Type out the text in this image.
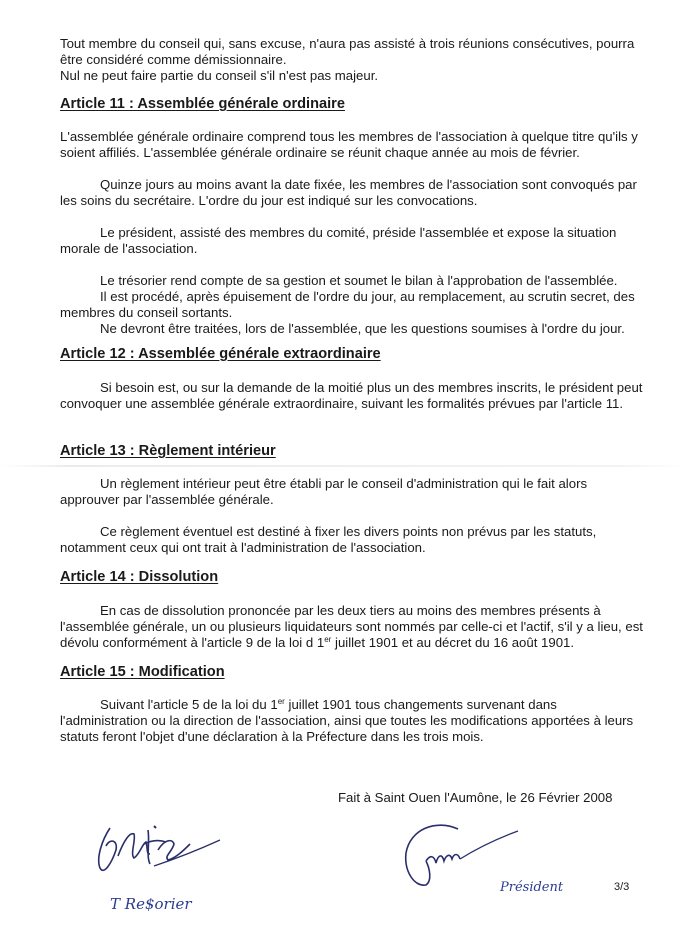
Tout membre du conseil qui, sans excuse, n'aura pas assisté à trois réunions consécutives, pourra être considéré comme démissionnaire.

Nul ne peut faire partie du conseil s'il n'est pas majeur.

Article 11 : Assemblée générale ordinaire

L'assemblée générale ordinaire comprend tous les membres de l'association à quelque titre qu'ils y soient affiliés. L'assemblée générale ordinaire se réunit chaque année au mois de février.

Quinze jours au moins avant la date fixée, les membres de l'association sont convoqués par les soins du secrétaire. L'ordre du jour est indiqué sur les convocations.

Le président, assisté des membres du comité, préside l'assemblée et expose la situation morale de l'association.

Le trésorier rend compte de sa gestion et soumet le bilan à l'approbation de l'assemblée.

Il est procédé, après épuisement de l'ordre du jour, au remplacement, au scrutin secret, des membres du conseil sortants.

Ne devront être traitées, lors de l'assemblée, que les questions soumises à l'ordre du jour.

Article 12 : Assemblée générale extraordinaire

Si besoin est, ou sur la demande de la moitié plus un des membres inscrits, le président peut convoquer une assemblée générale extraordinaire, suivant les formalités prévues par l'article 11.

Article 13 : Règlement intérieur

Un règlement intérieur peut être établi par le conseil d'administration qui le fait alors approuver par l'assemblée générale.

Ce règlement éventuel est destiné à fixer les divers points non prévus par les statuts, notamment ceux qui ont trait à l'administration de l'association.

Article 14 : Dissolution

En cas de dissolution prononcée par les deux tiers au moins des membres présents à l'assemblée générale, un ou plusieurs liquidateurs sont nommés par celle-ci et l'actif, s'il y a lieu, est dévolu conformément à l'article 9 de la loi d 1er juillet 1901 et au décret du 16 août 1901.

Article 15 : Modification

Suivant l'article 5 de la loi du 1er juillet 1901 tous changements survenant dans l'administration ou la direction de l'association, ainsi que toutes les modifications apportées à leurs statuts feront l'objet d'une déclaration à la Préfecture dans les trois mois.

Fait à Saint Ouen l'Aumône, le 26 Février 2008
T Re$orier
Président	3/3
